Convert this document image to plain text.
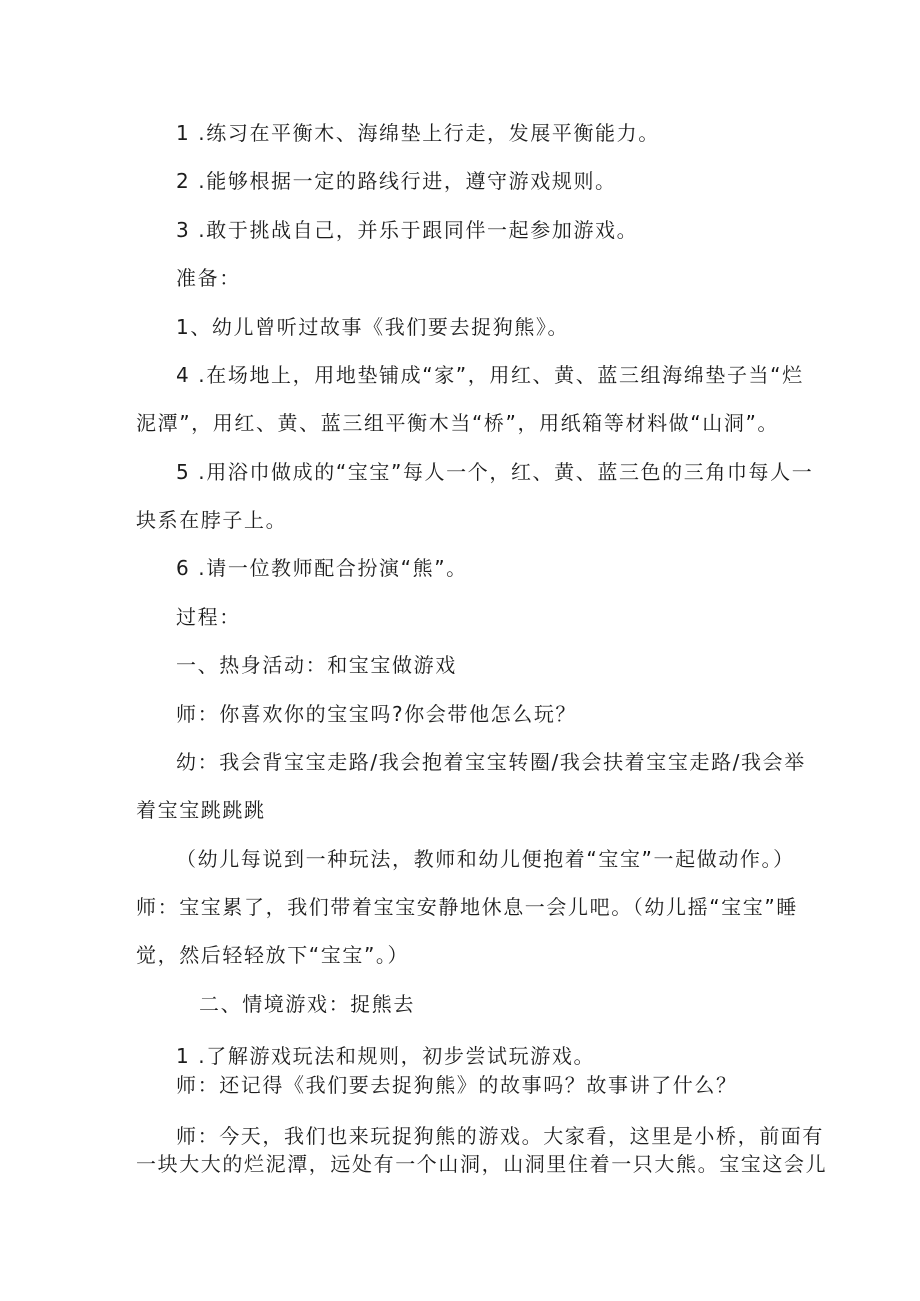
1 .练习在平衡木、海绵垫上行走，发展平衡能力。
2 .能够根据一定的路线行进，遵守游戏规则。
3 .敢于挑战自己，并乐于跟同伴一起参加游戏。
准备：
1、幼儿曾听过故事《我们要去捉狗熊》。
4 .在场地上，用地垫铺成“家”，用红、黄、蓝三组海绵垫子当“烂
泥潭”，用红、黄、蓝三组平衡木当“桥”，用纸箱等材料做“山洞”。
5 .用浴巾做成的“宝宝”每人一个，红、黄、蓝三色的三角巾每人一
块系在脖子上。
6 .请一位教师配合扮演“熊”。
过程：
一、热身活动：和宝宝做游戏
师：你喜欢你的宝宝吗?你会带他怎么玩？
幼：我会背宝宝走路/我会抱着宝宝转圈/我会扶着宝宝走路/我会举
着宝宝跳跳跳
（幼儿每说到一种玩法，教师和幼儿便抱着“宝宝”一起做动作。）
师：宝宝累了，我们带着宝宝安静地休息一会儿吧。（幼儿摇“宝宝”睡
觉，然后轻轻放下“宝宝”。）
二、情境游戏：捉熊去
1 .了解游戏玩法和规则，初步尝试玩游戏。
师：还记得《我们要去捉狗熊》的故事吗？故事讲了什么？
师：今天，我们也来玩捉狗熊的游戏。大家看，这里是小桥，前面有
一块大大的烂泥潭，远处有一个山洞，山洞里住着一只大熊。宝宝这会儿
